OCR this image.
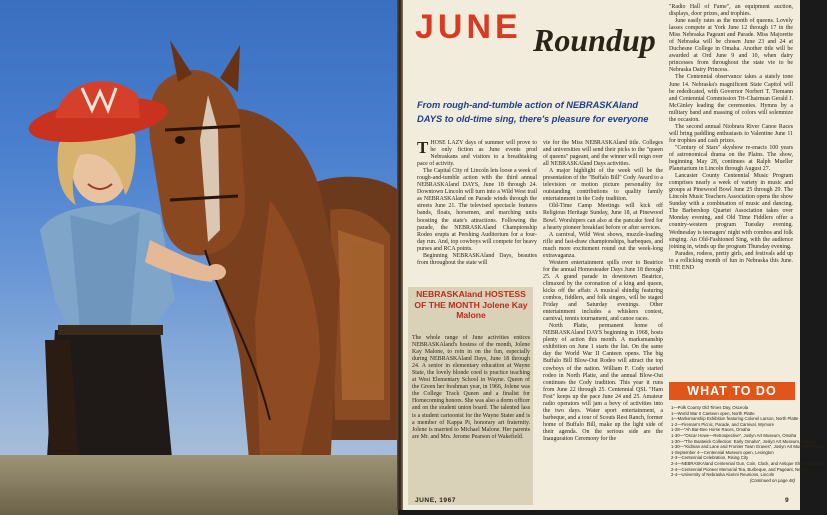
JUNE Roundup
From rough-and-tumble action of NEBRASKAland DAYS to old-time sing, there's pleasure for everyone

THOSE LAZY days of summer will prove to be only fiction as June events prod Nebraskans and visitors to a breathtaking pace of activity.

The Capital City of Lincoln lets loose a week of rough-and-tumble action with the third annual NEBRASKAland DAYS, June 18 through 24. Downtown Lincoln will turn into a Wild West trail as NEBRASKAland on Parade winds through the streets June 21. The televised spectacle features bands, floats, horsemen, and marching units boosting the state's attractions. Following the parade, the NEBRASKAland Championship Rodeo erupts at Pershing Auditorium for a four-day run. And, top cowboys will compete for heavy purses and RCA points.

Beginning NEBRASKAland Days, beauties from throughout the state will

vie for the Miss NEBRASKAland title. Colleges and universities will send their picks to the "queen of queens" pageant, and the winner will reign over all NEBRASKAland Days activities.

A major highlight of the week will be the presentation of the "Buffalo Bill" Cody Award to a television or motion picture personality for outstanding contributions to quality family entertainment in the Cody tradition.

Old-Time Camp Meetings will kick off Religious Heritage Sunday, June 18, at Pinewood Bowl. Worshipers can also at the pancake feed for a hearty pioneer breakfast before or after services.

A carnival, Wild West shows, muzzle-loading rifle and fast-draw championships, barbeques, and much more excitement round out the week-long extravaganza.

Western entertainment spills over to Beatrice for the annual Homesteader Days June 18 through 25. A grand parade in downtown Beatrice, climaxed by the coronation of a king and queen, kicks off the affair. A musical shindig featuring combos, fiddlers, and folk singers, will be staged Friday and Saturday evenings. Other entertainment includes a whiskers contest, carnival, tennis tournament, and canoe races.

North Platte, permanent home of NEBRASKAland DAYS beginning in 1968, hosts plenty of action this month. A marksmanship exhibition on June 1 starts the list. On the same day the World War II Canteen opens. The big Buffalo Bill Blow-Out Rodeo will attract the top cowboys of the nation. William F. Cody started rodeo in North Platte, and the annual Blow-Out continues the Cody tradition. This year it runs from June 22 through 25. Centennial QSL "Ham Fest" keeps up the pace June 24 and 25. Amateur radio operators will jam a bevy of activities into the two days. Water sport entertainment, a barbeque, and a tour of Scouts Rest Ranch, former home of Buffalo Bill, make up the light side of their agenda. On the serious side are the Inauguration Ceremony for the

"Radio Hall of Fame", an equipment auction, displays, door prizes, and trophies.

June easily rates as the month of queens. Lovely lasses compete at York June 12 through 17 in the Miss Nebraska Pageant and Parade. Miss Majorette of Nebraska will be chosen June 23 and 24 at Duchesne College in Omaha. Another title will be awarded at Ord June 9 and 10, when dairy princesses from throughout the state vie to be Nebraska Dairy Princess.

The Centennial observance takes a stately tone June 14. Nebraska's magnificent State Capitol will be rededicated, with Governor Norbert T. Tiemann and Centennial Commission Tri-Chairman Gerald J. McGinley leading the ceremonies. Hymns by a military band and massing of colors will solemnize the occasion.

The second annual Niobrara River Canoe Races will bring paddling enthusiasts to Valentine June 11 for trophies and cash prizes.

"Century of Stars" skyshow re-enacts 100 years of astronomical drama on the Plains. The show, beginning May 28, continues at Ralph Mueller Planetarium in Lincoln through August 27.

Lancaster County Centennial Music Program comprises nearly a week of variety in music and groups at Pinewood Bowl June 25 through 29. The Lincoln Music Teachers Association opens the show Sunday with a combination of music and dancing. The Barbershop Quartet Association takes over Monday evening, and Old Time Fiddlers offer a country-western program Tuesday evening. Wednesday is teenagers' night with combos and folk singing. An Old-Fashioned Sing, with the audience joining in, winds up the program Thursday evening.

Parades, rodeos, pretty girls, and festivals add up to a rollicking month of fun in Nebraska this June. THE END

NEBRASKAland HOSTESS OF THE MONTH Jolene Kay Malone

The whole range of June activities entices NEBRASKAland's hostess of the month, Jolene Kay Malone, to rein in on the fun, especially during NEBRASKAland Days, June 18 through 24. A senior in elementary education at Wayne State, the lovely blonde coed is practice teaching at West Elementary School in Wayne. Queen of the Green her freshman year, in 1966, Jolene was the College Track Queen and a finalist for Homecoming honors. She was also a dorm officer and on the student union board. The talented lass is a student cartoonist for the Wayne Stater and is a member of Kappa Pi, honorary art fraternity. Jolene is married to Michael Malone. Her parents are Mr. and Mrs. Jerome Pearson of Wakefield.

WHAT TO DO
1—Polk County Old Times Day, Osceola
1—World War II Canteen open, North Platte
1—Marksmanship Exhibition featuring Colonel Larson, North Platte
1-2—Fireman's Picnic, Parade, and Carnival, Wymore
1-28—"Ah Bar-Bee Horse Races, Omaha
1-30—"Oscar Howe—Retrospective", Joslyn Art Museum, Omaha
1-30—"The Boatwick Collection: Early Omaha", Joslyn Art Museum, Omaha
1-30—"Kidman and Lane and Frontier Town Graves", Joslyn Art Museum, Omaha
1-September 4—Centennial Museum open, Lexington
2-3—Centennial Celebration, Rising City
2-4—NEBRASKAland Centennial Gun, Coin, Clock, and Antique Show, Columbus
2-4—Centennial Pioneer Memorial Tea, Burbeque, and Pageant, Nelson
2-4—University of Nebraska Alumni Reunions, Lincoln
(Continued on page 48)
JUNE, 1967	9
